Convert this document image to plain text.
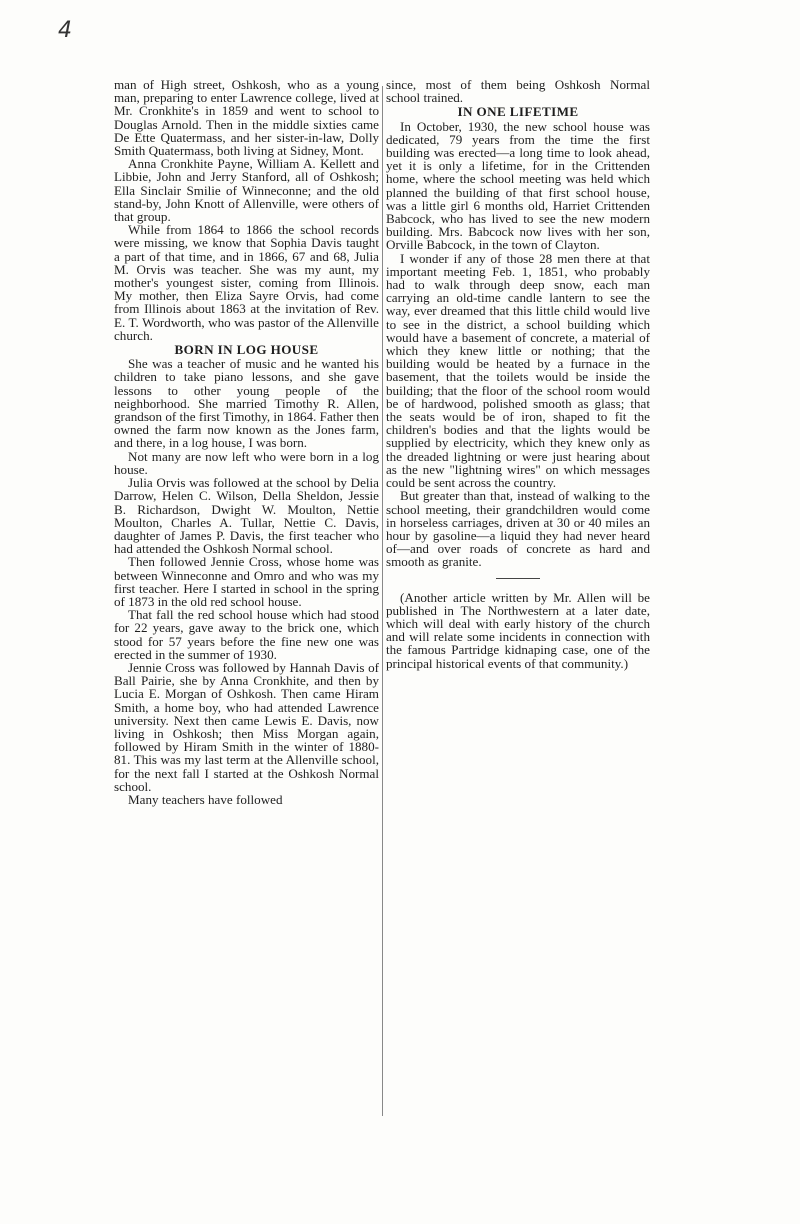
4

man of High street, Oshkosh, who as a young man, preparing to enter Lawrence college, lived at Mr. Cronkhite's in 1859 and went to school to Douglas Arnold. Then in the middle sixties came De Ette Quatermass, and her sister-in-law, Dolly Smith Quatermass, both living at Sidney, Mont.

Anna Cronkhite Payne, William A. Kellett and Libbie, John and Jerry Stanford, all of Oshkosh; Ella Sinclair Smilie of Winneconne; and the old stand-by, John Knott of Allenville, were others of that group.

While from 1864 to 1866 the school records were missing, we know that Sophia Davis taught a part of that time, and in 1866, 67 and 68, Julia M. Orvis was teacher. She was my aunt, my mother's youngest sister, coming from Illinois. My mother, then Eliza Sayre Orvis, had come from Illinois about 1863 at the invitation of Rev. E. T. Wordworth, who was pastor of the Allenville church.

BORN IN LOG HOUSE

She was a teacher of music and he wanted his children to take piano lessons, and she gave lessons to other young people of the neighborhood. She married Timothy R. Allen, grandson of the first Timothy, in 1864. Father then owned the farm now known as the Jones farm, and there, in a log house, I was born.

Not many are now left who were born in a log house.

Julia Orvis was followed at the school by Delia Darrow, Helen C. Wilson, Della Sheldon, Jessie B. Richardson, Dwight W. Moulton, Nettie Moulton, Charles A. Tullar, Nettie C. Davis, daughter of James P. Davis, the first teacher who had attended the Oshkosh Normal school.

Then followed Jennie Cross, whose home was between Winneconne and Omro and who was my first teacher. Here I started in school in the spring of 1873 in the old red school house.

That fall the red school house which had stood for 22 years, gave away to the brick one, which stood for 57 years before the fine new one was erected in the summer of 1930.

Jennie Cross was followed by Hannah Davis of Ball Pairie, she by Anna Cronkhite, and then by Lucia E. Morgan of Oshkosh. Then came Hiram Smith, a home boy, who had attended Lawrence university. Next then came Lewis E. Davis, now living in Oshkosh; then Miss Morgan again, followed by Hiram Smith in the winter of 1880-81. This was my last term at the Allenville school, for the next fall I started at the Oshkosh Normal school.

Many teachers have followed

since, most of them being Oshkosh Normal school trained.

IN ONE LIFETIME

In October, 1930, the new school house was dedicated, 79 years from the time the first building was erected—a long time to look ahead, yet it is only a lifetime, for in the Crittenden home, where the school meeting was held which planned the building of that first school house, was a little girl 6 months old, Harriet Crittenden Babcock, who has lived to see the new modern building. Mrs. Babcock now lives with her son, Orville Babcock, in the town of Clayton.

I wonder if any of those 28 men there at that important meeting Feb. 1, 1851, who probably had to walk through deep snow, each man carrying an old-time candle lantern to see the way, ever dreamed that this little child would live to see in the district, a school building which would have a basement of concrete, a material of which they knew little or nothing; that the building would be heated by a furnace in the basement, that the toilets would be inside the building; that the floor of the school room would be of hardwood, polished smooth as glass; that the seats would be of iron, shaped to fit the children's bodies and that the lights would be supplied by electricity, which they knew only as the dreaded lightning or were just hearing about as the new "lightning wires" on which messages could be sent across the country.

But greater than that, instead of walking to the school meeting, their grandchildren would come in horseless carriages, driven at 30 or 40 miles an hour by gasoline—a liquid they had never heard of—and over roads of concrete as hard and smooth as granite.

(Another article written by Mr. Allen will be published in The Northwestern at a later date, which will deal with early history of the church and will relate some incidents in connection with the famous Partridge kidnaping case, one of the principal historical events of that community.)
